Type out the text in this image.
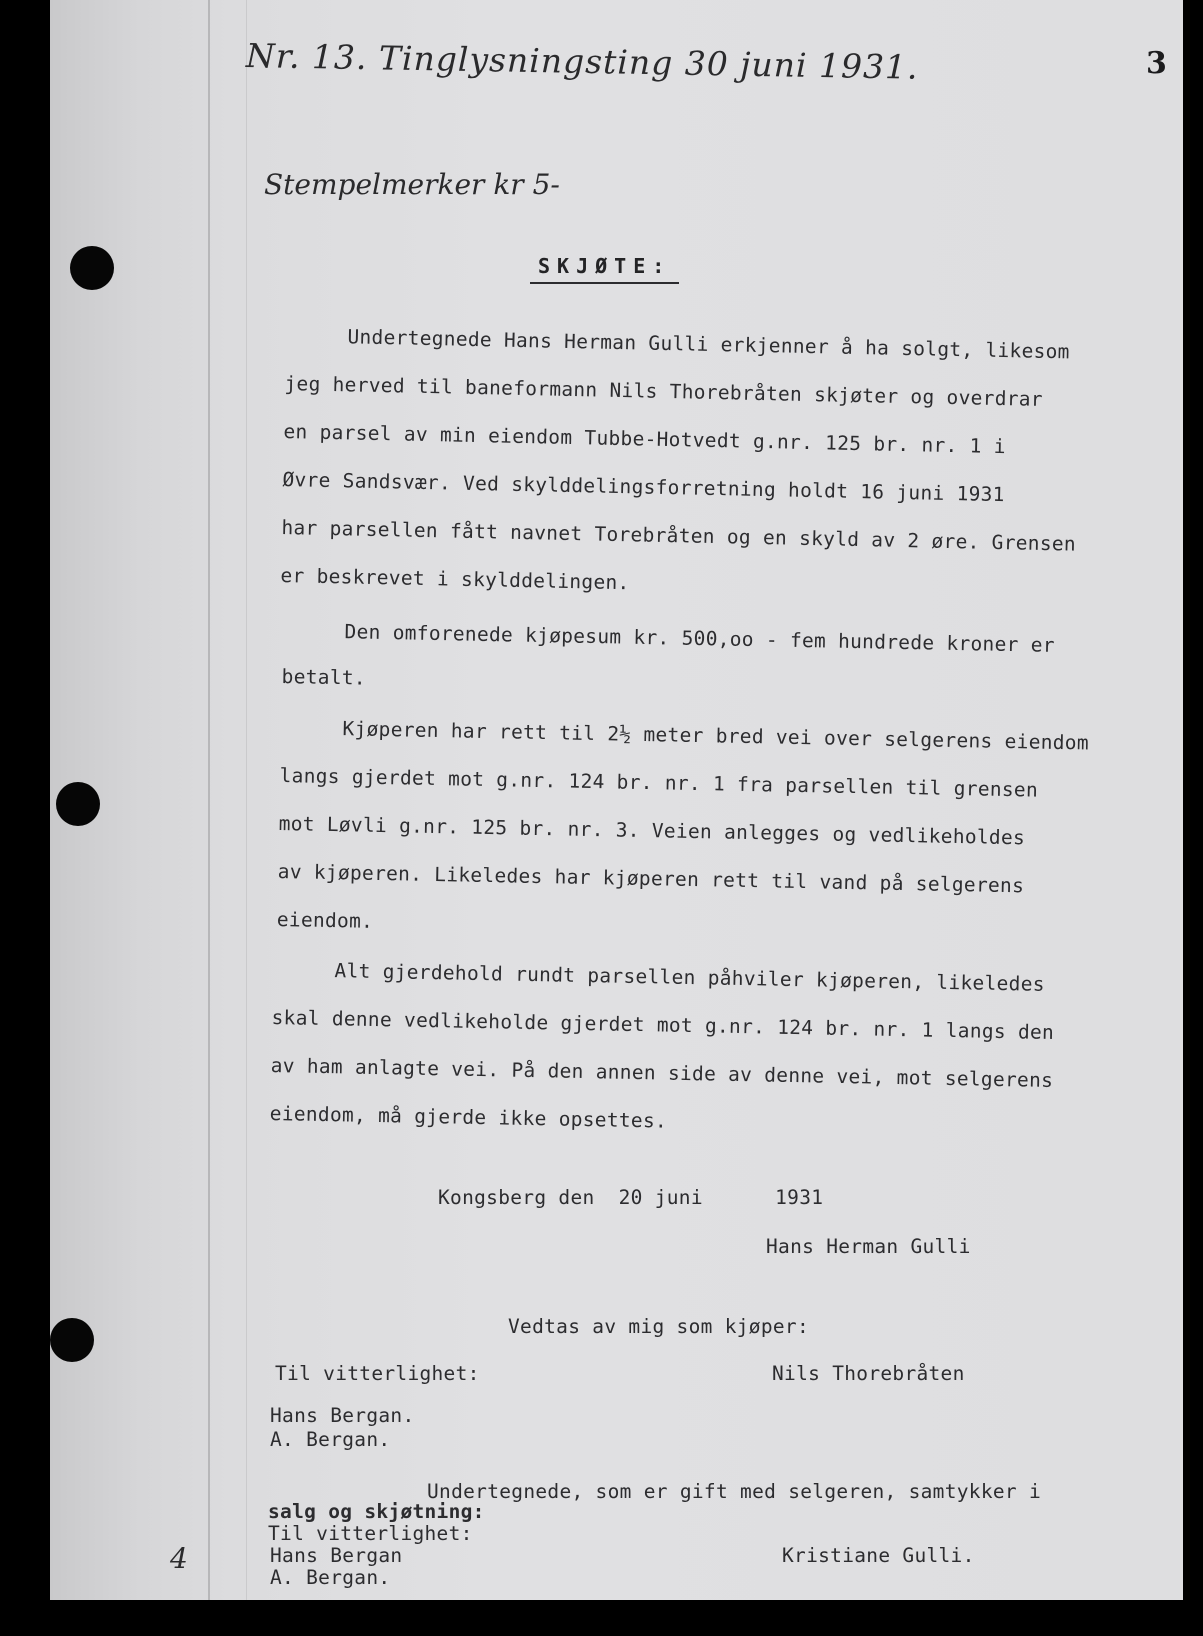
Nr. 13. Tinglysningsting 30 juni 1931.	3
Stempelmerker kr 5-
SKJØTE:
Undertegnede Hans Herman Gulli erkjenner å ha solgt, likesom
jeg herved til baneformann Nils Thorebråten skjøter og overdrar
en parsel av min eiendom Tubbe-Hotvedt g.nr. 125 br. nr. 1 i
Øvre Sandsvær. Ved skylddelingsforretning holdt 16 juni 1931
har parsellen fått navnet Torebråten og en skyld av 2 øre. Grensen
er beskrevet i skylddelingen.
Den omforenede kjøpesum kr. 500,oo - fem hundrede kroner er
betalt.
Kjøperen har rett til 2½ meter bred vei over selgerens eiendom
langs gjerdet mot g.nr. 124 br. nr. 1 fra parsellen til grensen
mot Løvli g.nr. 125 br. nr. 3. Veien anlegges og vedlikeholdes
av kjøperen. Likeledes har kjøperen rett til vand på selgerens
eiendom.
Alt gjerdehold rundt parsellen påhviler kjøperen, likeledes
skal denne vedlikeholde gjerdet mot g.nr. 124 br. nr. 1 langs den
av ham anlagte vei. På den annen side av denne vei, mot selgerens
eiendom, må gjerde ikke opsettes.
Kongsberg den  20 juni      1931
Hans Herman Gulli
Vedtas av mig som kjøper:
Til vitterlighet:	Nils Thorebråten
Hans Bergan.
A. Bergan.
Undertegnede, som er gift med selgeren, samtykker i
salg og skjøtning:
Til vitterlighet:
Hans Bergan	Kristiane Gulli.
A. Bergan.
4
